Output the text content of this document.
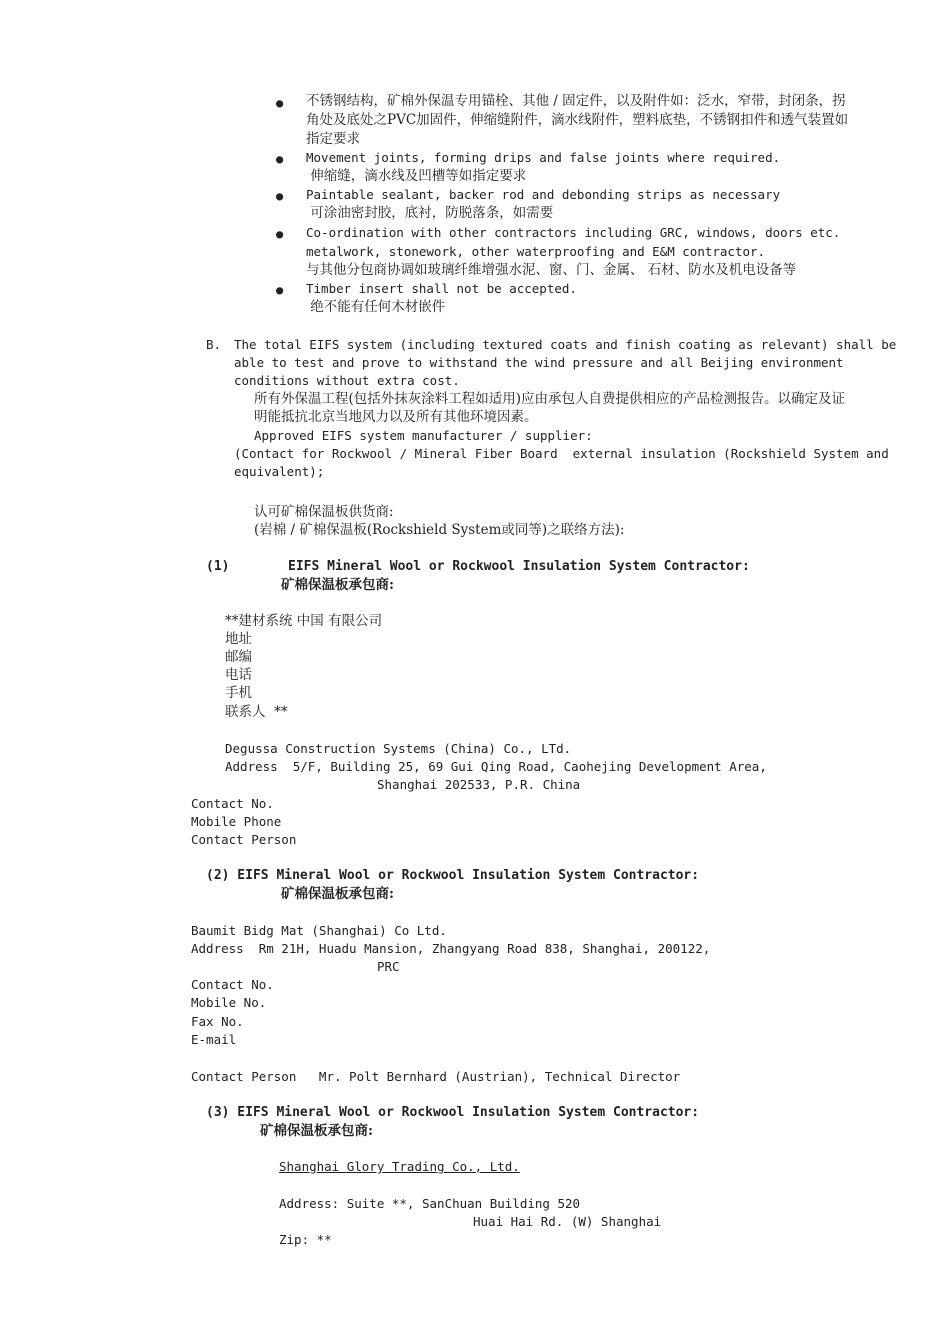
● 不锈钢结构，矿棉外保温专用锚栓、其他 / 固定件，以及附件如：泛水，窄带，封闭条，拐
角处及底处之PVC加固件，伸缩缝附件，滴水线附件，塑料底垫，不锈钢扣件和透气装置如
指定要求
● Movement joints, forming drips and false joints where required.
伸缩缝，滴水线及凹槽等如指定要求
● Paintable sealant, backer rod and debonding strips as necessary
可涂油密封胶，底衬，防脱落条，如需要
● Co-ordination with other contractors including GRC, windows, doors etc.
metalwork, stonework, other waterproofing and E&M contractor.
与其他分包商协调如玻璃纤维增强水泥、窗、门、金属、 石材、防水及机电设备等
● Timber insert shall not be accepted.
绝不能有任何木材嵌件
B. The total EIFS system (including textured coats and finish coating as relevant) shall be
able to test and prove to withstand the wind pressure and all Beijing environment
conditions without extra cost.
所有外保温工程(包括外抹灰涂料工程如适用)应由承包人自费提供相应的产品检测报告。以确定及证
明能抵抗北京当地风力以及所有其他环境因素。
Approved EIFS system manufacturer / supplier:
(Contact for Rockwool / Mineral Fiber Board  external insulation (Rockshield System and
equivalent);
认可矿棉保温板供货商:
(岩棉 / 矿棉保温板(Rockshield System或同等)之联络方法):
(1)	EIFS Mineral Wool or Rockwool Insulation System Contractor:
矿棉保温板承包商:
**建材系统 中国 有限公司
地址
邮编
电话
手机
联系人  **
Degussa Construction Systems (China) Co., LTd.
Address  5/F, Building 25, 69 Gui Qing Road, Caohejing Development Area,
Shanghai 202533, P.R. China
Contact No.
Mobile Phone
Contact Person
(2) EIFS Mineral Wool or Rockwool Insulation System Contractor:
矿棉保温板承包商:
Baumit Bidg Mat (Shanghai) Co Ltd.
Address  Rm 21H, Huadu Mansion, Zhangyang Road 838, Shanghai, 200122,
PRC
Contact No.
Mobile No.
Fax No.
E-mail
Contact Person   Mr. Polt Bernhard (Austrian), Technical Director
(3) EIFS Mineral Wool or Rockwool Insulation System Contractor:
矿棉保温板承包商:
Shanghai Glory Trading Co., Ltd.
Address: Suite **, SanChuan Building 520
Huai Hai Rd. (W) Shanghai
Zip: **
